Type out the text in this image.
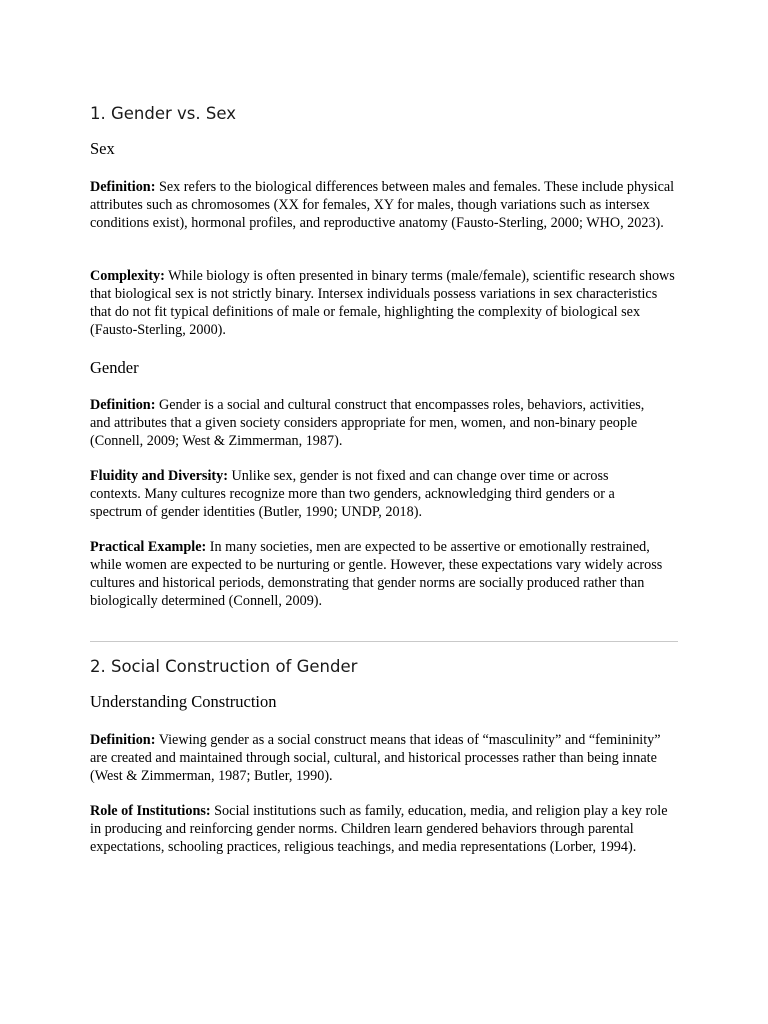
1. Gender vs. Sex
Sex

Definition: Sex refers to the biological differences between males and females. These include physical attributes such as chromosomes (XX for females, XY for males, though variations such as intersex conditions exist), hormonal profiles, and reproductive anatomy (Fausto-Sterling, 2000; WHO, 2023).

Complexity: While biology is often presented in binary terms (male/female), scientific research shows that biological sex is not strictly binary. Intersex individuals possess variations in sex characteristics that do not fit typical definitions of male or female, highlighting the complexity of biological sex (Fausto-Sterling, 2000).

Gender

Definition: Gender is a social and cultural construct that encompasses roles, behaviors, activities, and attributes that a given society considers appropriate for men, women, and non-binary people (Connell, 2009; West & Zimmerman, 1987).

Fluidity and Diversity: Unlike sex, gender is not fixed and can change over time or across contexts. Many cultures recognize more than two genders, acknowledging third genders or a spectrum of gender identities (Butler, 1990; UNDP, 2018).

Practical Example: In many societies, men are expected to be assertive or emotionally restrained, while women are expected to be nurturing or gentle. However, these expectations vary widely across cultures and historical periods, demonstrating that gender norms are socially produced rather than biologically determined (Connell, 2009).

2. Social Construction of Gender
Understanding Construction

Definition: Viewing gender as a social construct means that ideas of “masculinity” and “femininity” are created and maintained through social, cultural, and historical processes rather than being innate (West & Zimmerman, 1987; Butler, 1990).

Role of Institutions: Social institutions such as family, education, media, and religion play a key role in producing and reinforcing gender norms. Children learn gendered behaviors through parental expectations, schooling practices, religious teachings, and media representations (Lorber, 1994).
